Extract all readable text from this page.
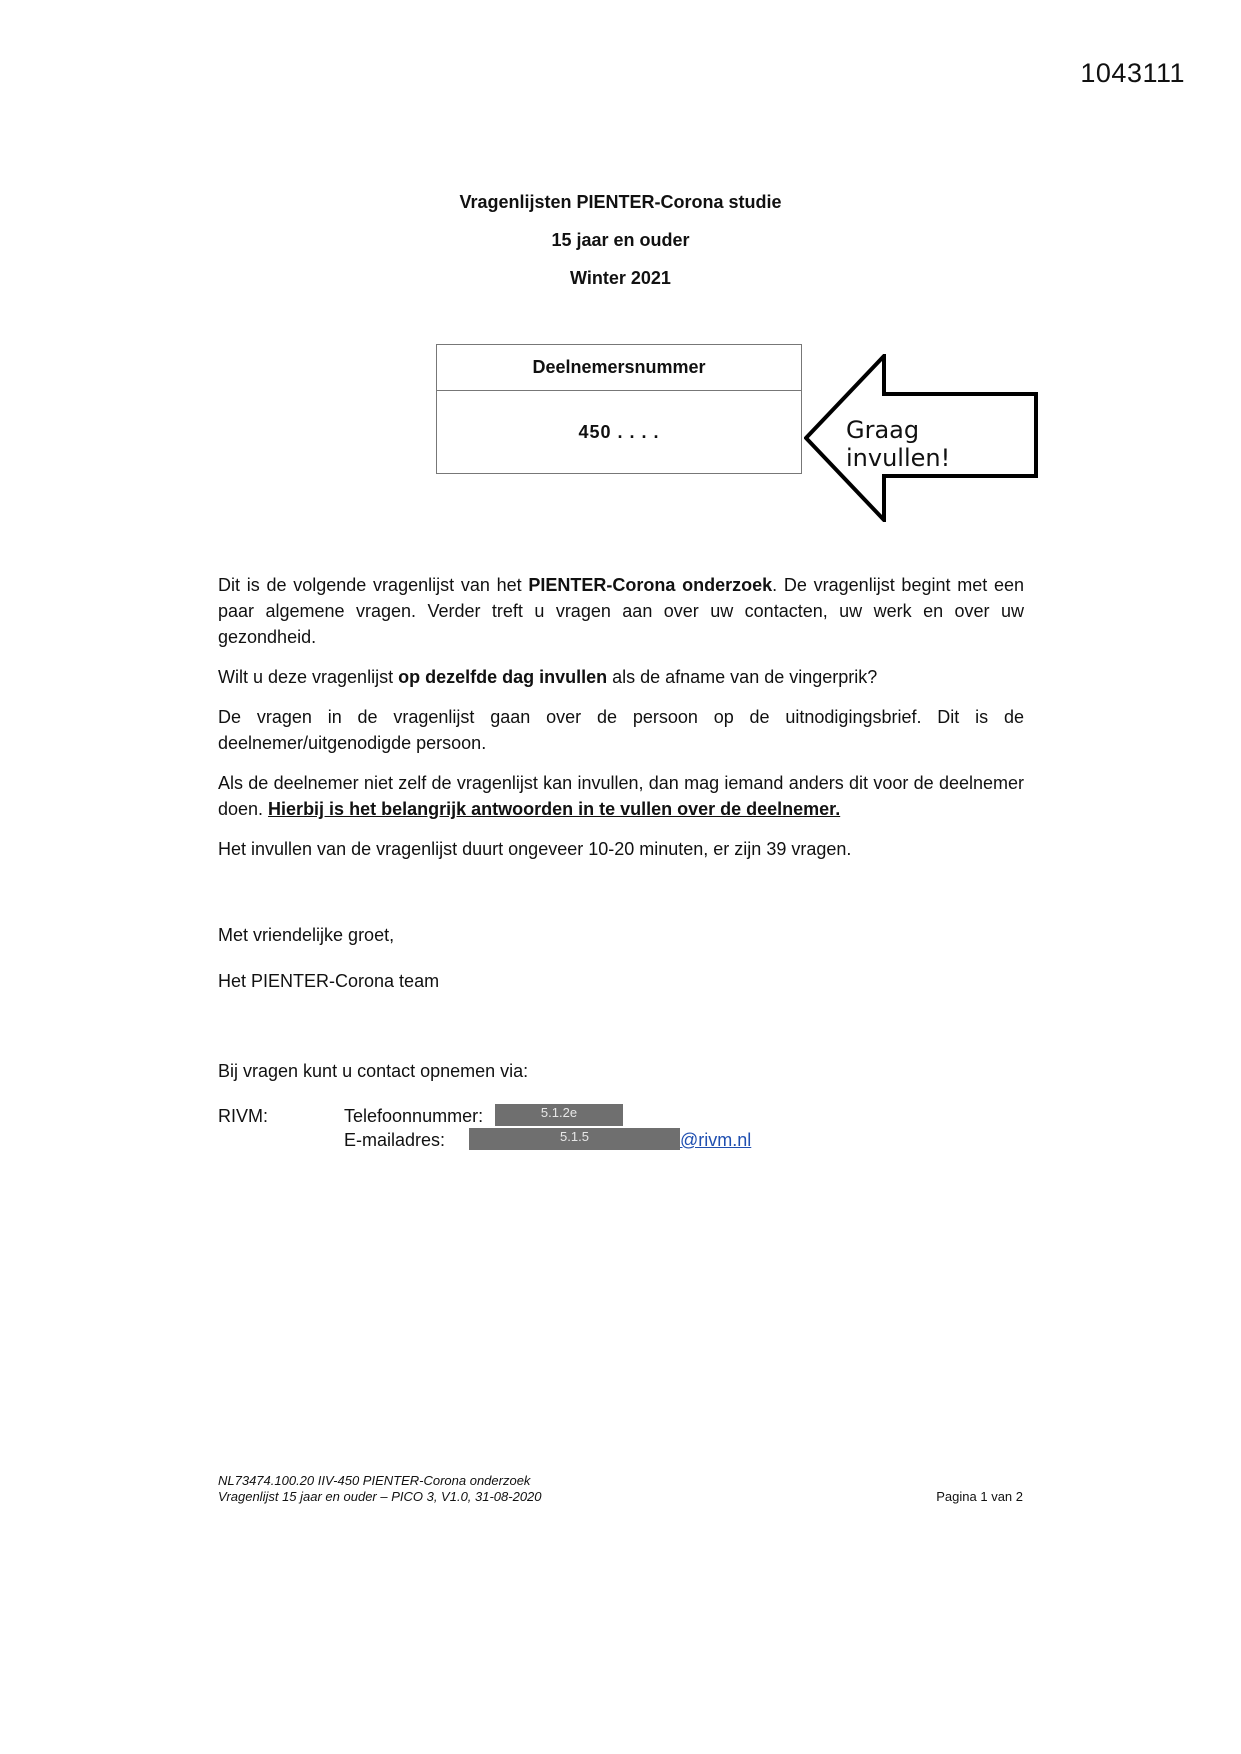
1043111
Vragenlijsten PIENTER-Corona studie
15 jaar en ouder
Winter 2021
Deelnemersnummer
450 . . . .	Graag invullen!
Dit is de volgende vragenlijst van het PIENTER-Corona onderzoek. De vragenlijst begint met een paar algemene vragen. Verder treft u vragen aan over uw contacten, uw werk en over uw gezondheid.
Wilt u deze vragenlijst op dezelfde dag invullen als de afname van de vingerprik?
De vragen in de vragenlijst gaan over de persoon op de uitnodigingsbrief. Dit is de deelnemer/uitgenodigde persoon.
Als de deelnemer niet zelf de vragenlijst kan invullen, dan mag iemand anders dit voor de deelnemer doen. Hierbij is het belangrijk antwoorden in te vullen over de deelnemer.
Het invullen van de vragenlijst duurt ongeveer 10-20 minuten, er zijn 39 vragen.
Met vriendelijke groet,
Het PIENTER-Corona team
Bij vragen kunt u contact opnemen via:
RIVM:	Telefoonnummer:	5.1.2e
E-mailadres:	5.1.5	@rivm.nl
NL73474.100.20 IIV-450 PIENTER-Corona onderzoek
Vragenlijst 15 jaar en ouder – PICO 3, V1.0, 31-08-2020	Pagina 1 van 2
